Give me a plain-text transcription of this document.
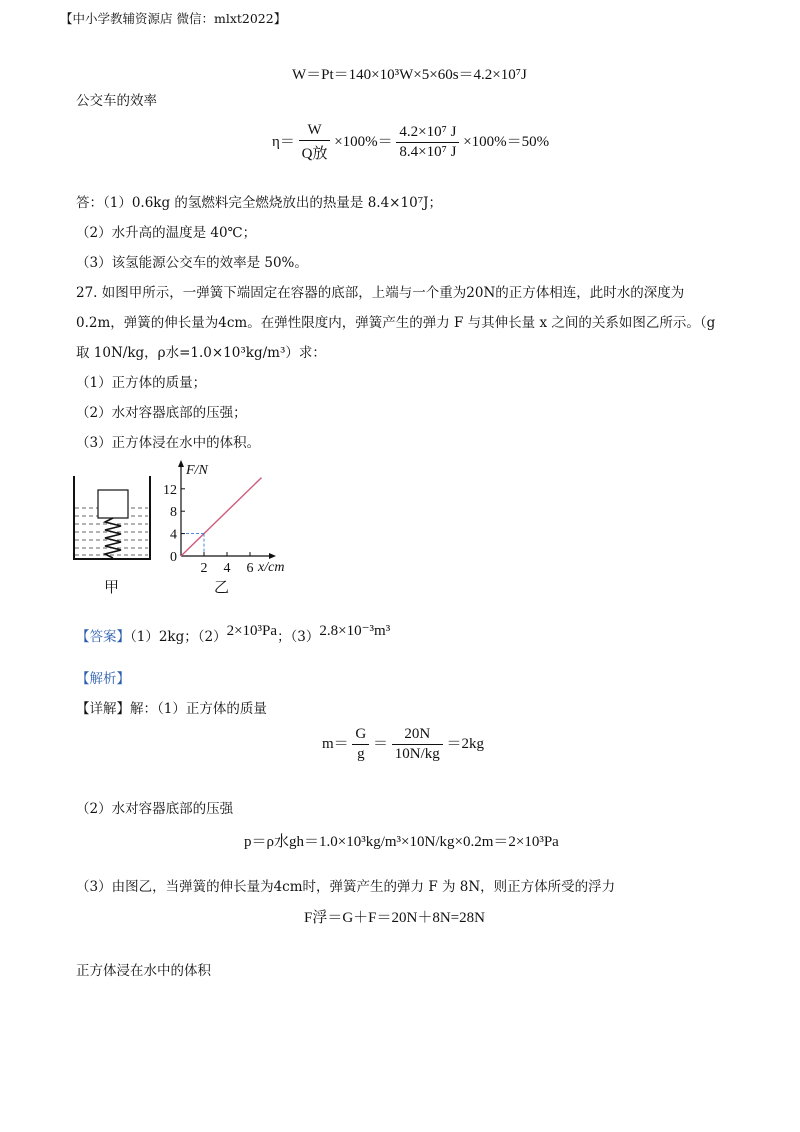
【中小学教辅资源店 微信：mlxt2022】
W＝Pt＝140×10³W×5×60s＝4.2×10⁷J
公交车的效率
$\eta= \frac{W}{\text{Q放}} \times 100\%= \frac{\text{4.2×10⁷ J}}{\text{8.4×10⁷ J}} \times 100\%=50\%$
答：（1）0.6kg 的氢燃料完全燃烧放出的热量是 8.4×10⁷J；
（2）水升高的温度是 40℃；
（3）该氢能源公交车的效率是 50%。
27. 如图甲所示，一弹簧下端固定在容器的底部，上端与一个重为20N的正方体相连，此时水的深度为
0.2m，弹簧的伸长量为4cm。在弹性限度内，弹簧产生的弹力 F 与其伸长量 x 之间的关系如图乙所示。（g
取 10N/kg，ρ水=1.0×10³kg/m³）求：
（1）正方体的质量；
（2）水对容器底部的压强；
（3）正方体浸在水中的体积。
甲
12
8
4
0
2 4 6
F/N
x/cm
乙
【答案】（1）2kg；（2）2×10³Pa；（3）2.8×10⁻³m³
【解析】
【详解】解：（1）正方体的质量
$m= \frac{G}{g} = \frac{20N}{10N/kg} =2kg$
（2）水对容器底部的压强
p＝ρ水gh＝1.0×10³kg/m³×10N/kg×0.2m＝2×10³Pa
（3）由图乙，当弹簧的伸长量为4cm时，弹簧产生的弹力 F 为 8N，则正方体所受的浮力
F浮＝G＋F＝20N＋8N=28N
正方体浸在水中的体积
